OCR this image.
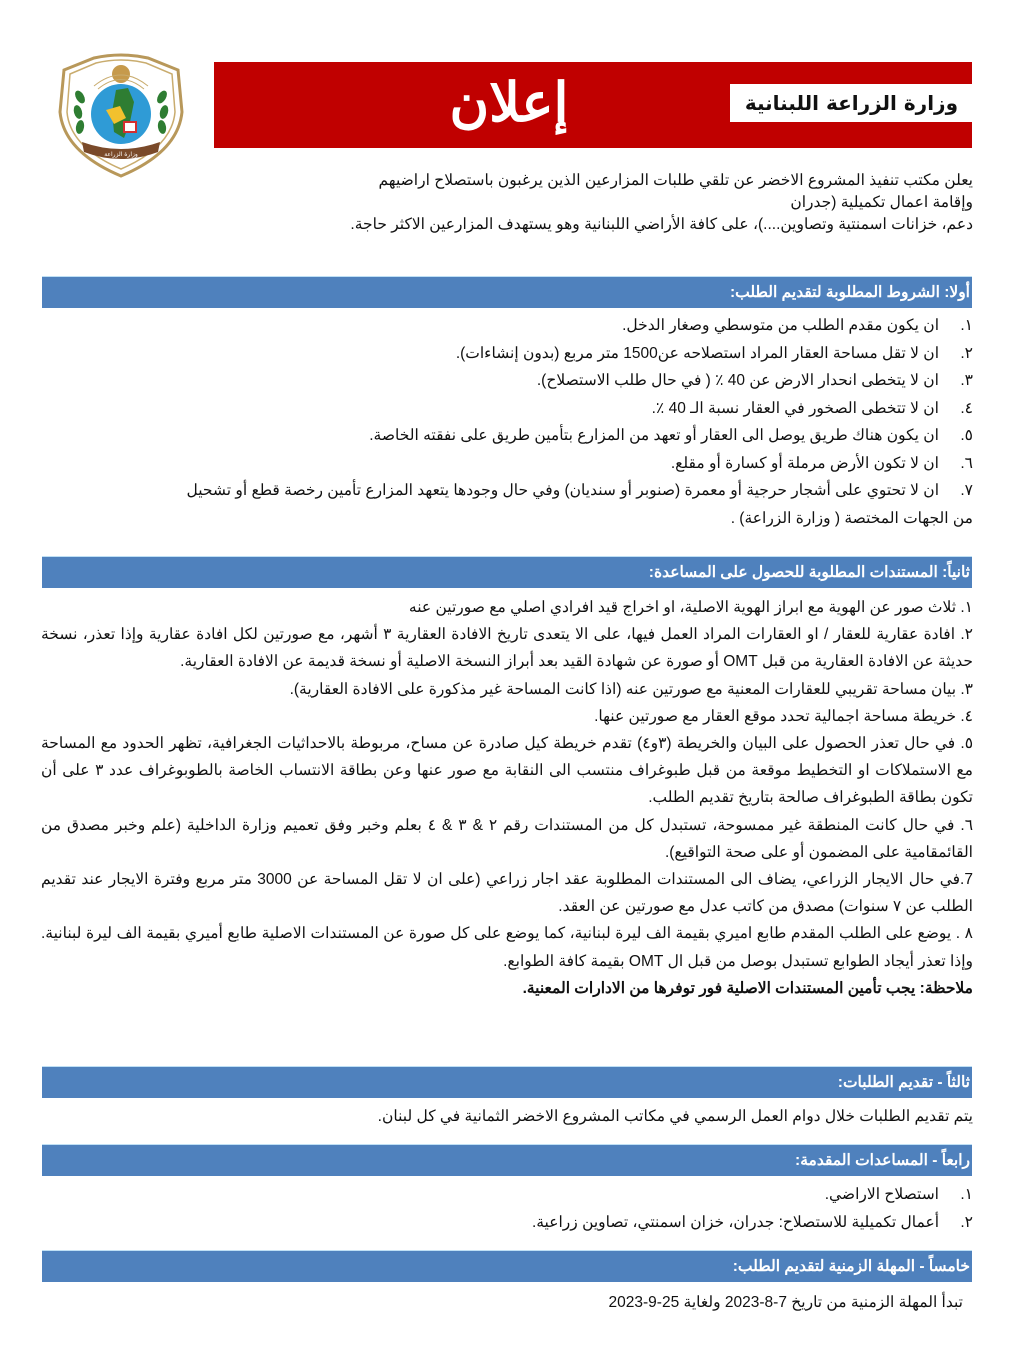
وزارة الزراعة
إعلان	وزارة الزراعة اللبنانية
يعلن مكتب تنفيذ المشروع الاخضر عن تلقي طلبات المزارعين الذين يرغبون باستصلاح اراضيهم
وإقامة اعمال تكميلية (جدران
دعم، خزانات اسمنتية وتصاوين....)، على كافة الأراضي اللبنانية وهو يستهدف المزارعين الاكثر حاجة.
أولا: الشروط المطلوبة لتقديم الطلب:
١.ان يكون مقدم الطلب من متوسطي وصغار الدخل.
٢.ان لا تقل مساحة العقار المراد استصلاحه عن1500 متر مربع (بدون إنشاءات).
٣.ان لا يتخطى انحدار الارض عن 40 ٪ ( في حال طلب الاستصلاح).
٤.ان لا تتخطى الصخور في العقار نسبة الـ 40 ٪.
٥.ان يكون هناك طريق يوصل الى العقار أو تعهد من المزارع بتأمين طريق على نفقته الخاصة.
٦.ان لا تكون الأرض مرملة أو كسارة أو مقلع.
٧.ان لا تحتوي على أشجار حرجية أو معمرة (صنوبر أو سنديان) وفي حال وجودها يتعهد المزارع تأمين رخصة قطع أو تشحيل
من الجهات المختصة ( وزارة الزراعة) .
ثانياً: المستندات المطلوبة للحصول على المساعدة:
١. ثلاث صور عن الهوية مع ابراز الهوية الاصلية، او اخراج قيد افرادي اصلي مع صورتين عنه
٢. افادة عقارية للعقار / او العقارات المراد العمل فيها، على الا يتعدى تاريخ الافادة العقارية ٣ أشهر، مع صورتين لكل افادة عقارية وإذا تعذر، نسخة حديثة عن الافادة العقارية من قبل OMT أو صورة عن شهادة القيد بعد أبراز النسخة الاصلية أو نسخة قديمة عن الافادة العقارية.
٣. بيان مساحة تقريبي للعقارات المعنية مع صورتين عنه (اذا كانت المساحة غير مذكورة على الافادة العقارية).
٤. خريطة مساحة اجمالية تحدد موقع العقار مع صورتين عنها.
٥. في حال تعذر الحصول على البيان والخريطة (٣و٤) تقدم خريطة كيل صادرة عن مساح، مربوطة بالاحداثيات الجغرافية، تظهر الحدود مع المساحة مع الاستملاكات او التخطيط موقعة من قبل طبوغراف منتسب الى النقابة مع صور عنها وعن بطاقة الانتساب الخاصة بالطوبوغراف عدد ٣ على أن تكون بطاقة الطبوغراف صالحة بتاريخ تقديم الطلب.
٦. في حال كانت المنطقة غير ممسوحة، تستبدل كل من المستندات رقم ٢ & ٣ & ٤ بعلم وخبر وفق تعميم وزارة الداخلية (علم وخبر مصدق من القائمقامية على المضمون أو على صحة التواقيع).
7.في حال الايجار الزراعي، يضاف الى المستندات المطلوبة عقد اجار زراعي (على ان لا تقل المساحة عن 3000 متر مربع وفترة الايجار عند تقديم الطلب عن ٧ سنوات) مصدق من كاتب عدل مع صورتين عن العقد.
٨ . يوضع على الطلب المقدم طابع اميري بقيمة الف ليرة لبنانية، كما يوضع على كل صورة عن المستندات الاصلية طابع أميري بقيمة الف ليرة لبنانية. وإذا تعذر أيجاد الطوابع تستبدل بوصل من قبل ال OMT بقيمة كافة الطوابع.
ملاحظة: يجب تأمين المستندات الاصلية فور توفرها من الادارات المعنية.
ثالثاً - تقديم الطلبات:
يتم تقديم الطلبات خلال دوام العمل الرسمي في مكاتب المشروع الاخضر الثمانية في كل لبنان.
رابعاً - المساعدات المقدمة:
١.استصلاح الاراضي.
٢.أعمال تكميلية للاستصلاح: جدران، خزان اسمنتي، تصاوين زراعية.
خامساً - المهلة الزمنية لتقديم الطلب:
تبدأ المهلة الزمنية من تاريخ 7-8-2023 ولغاية 25-9-2023
